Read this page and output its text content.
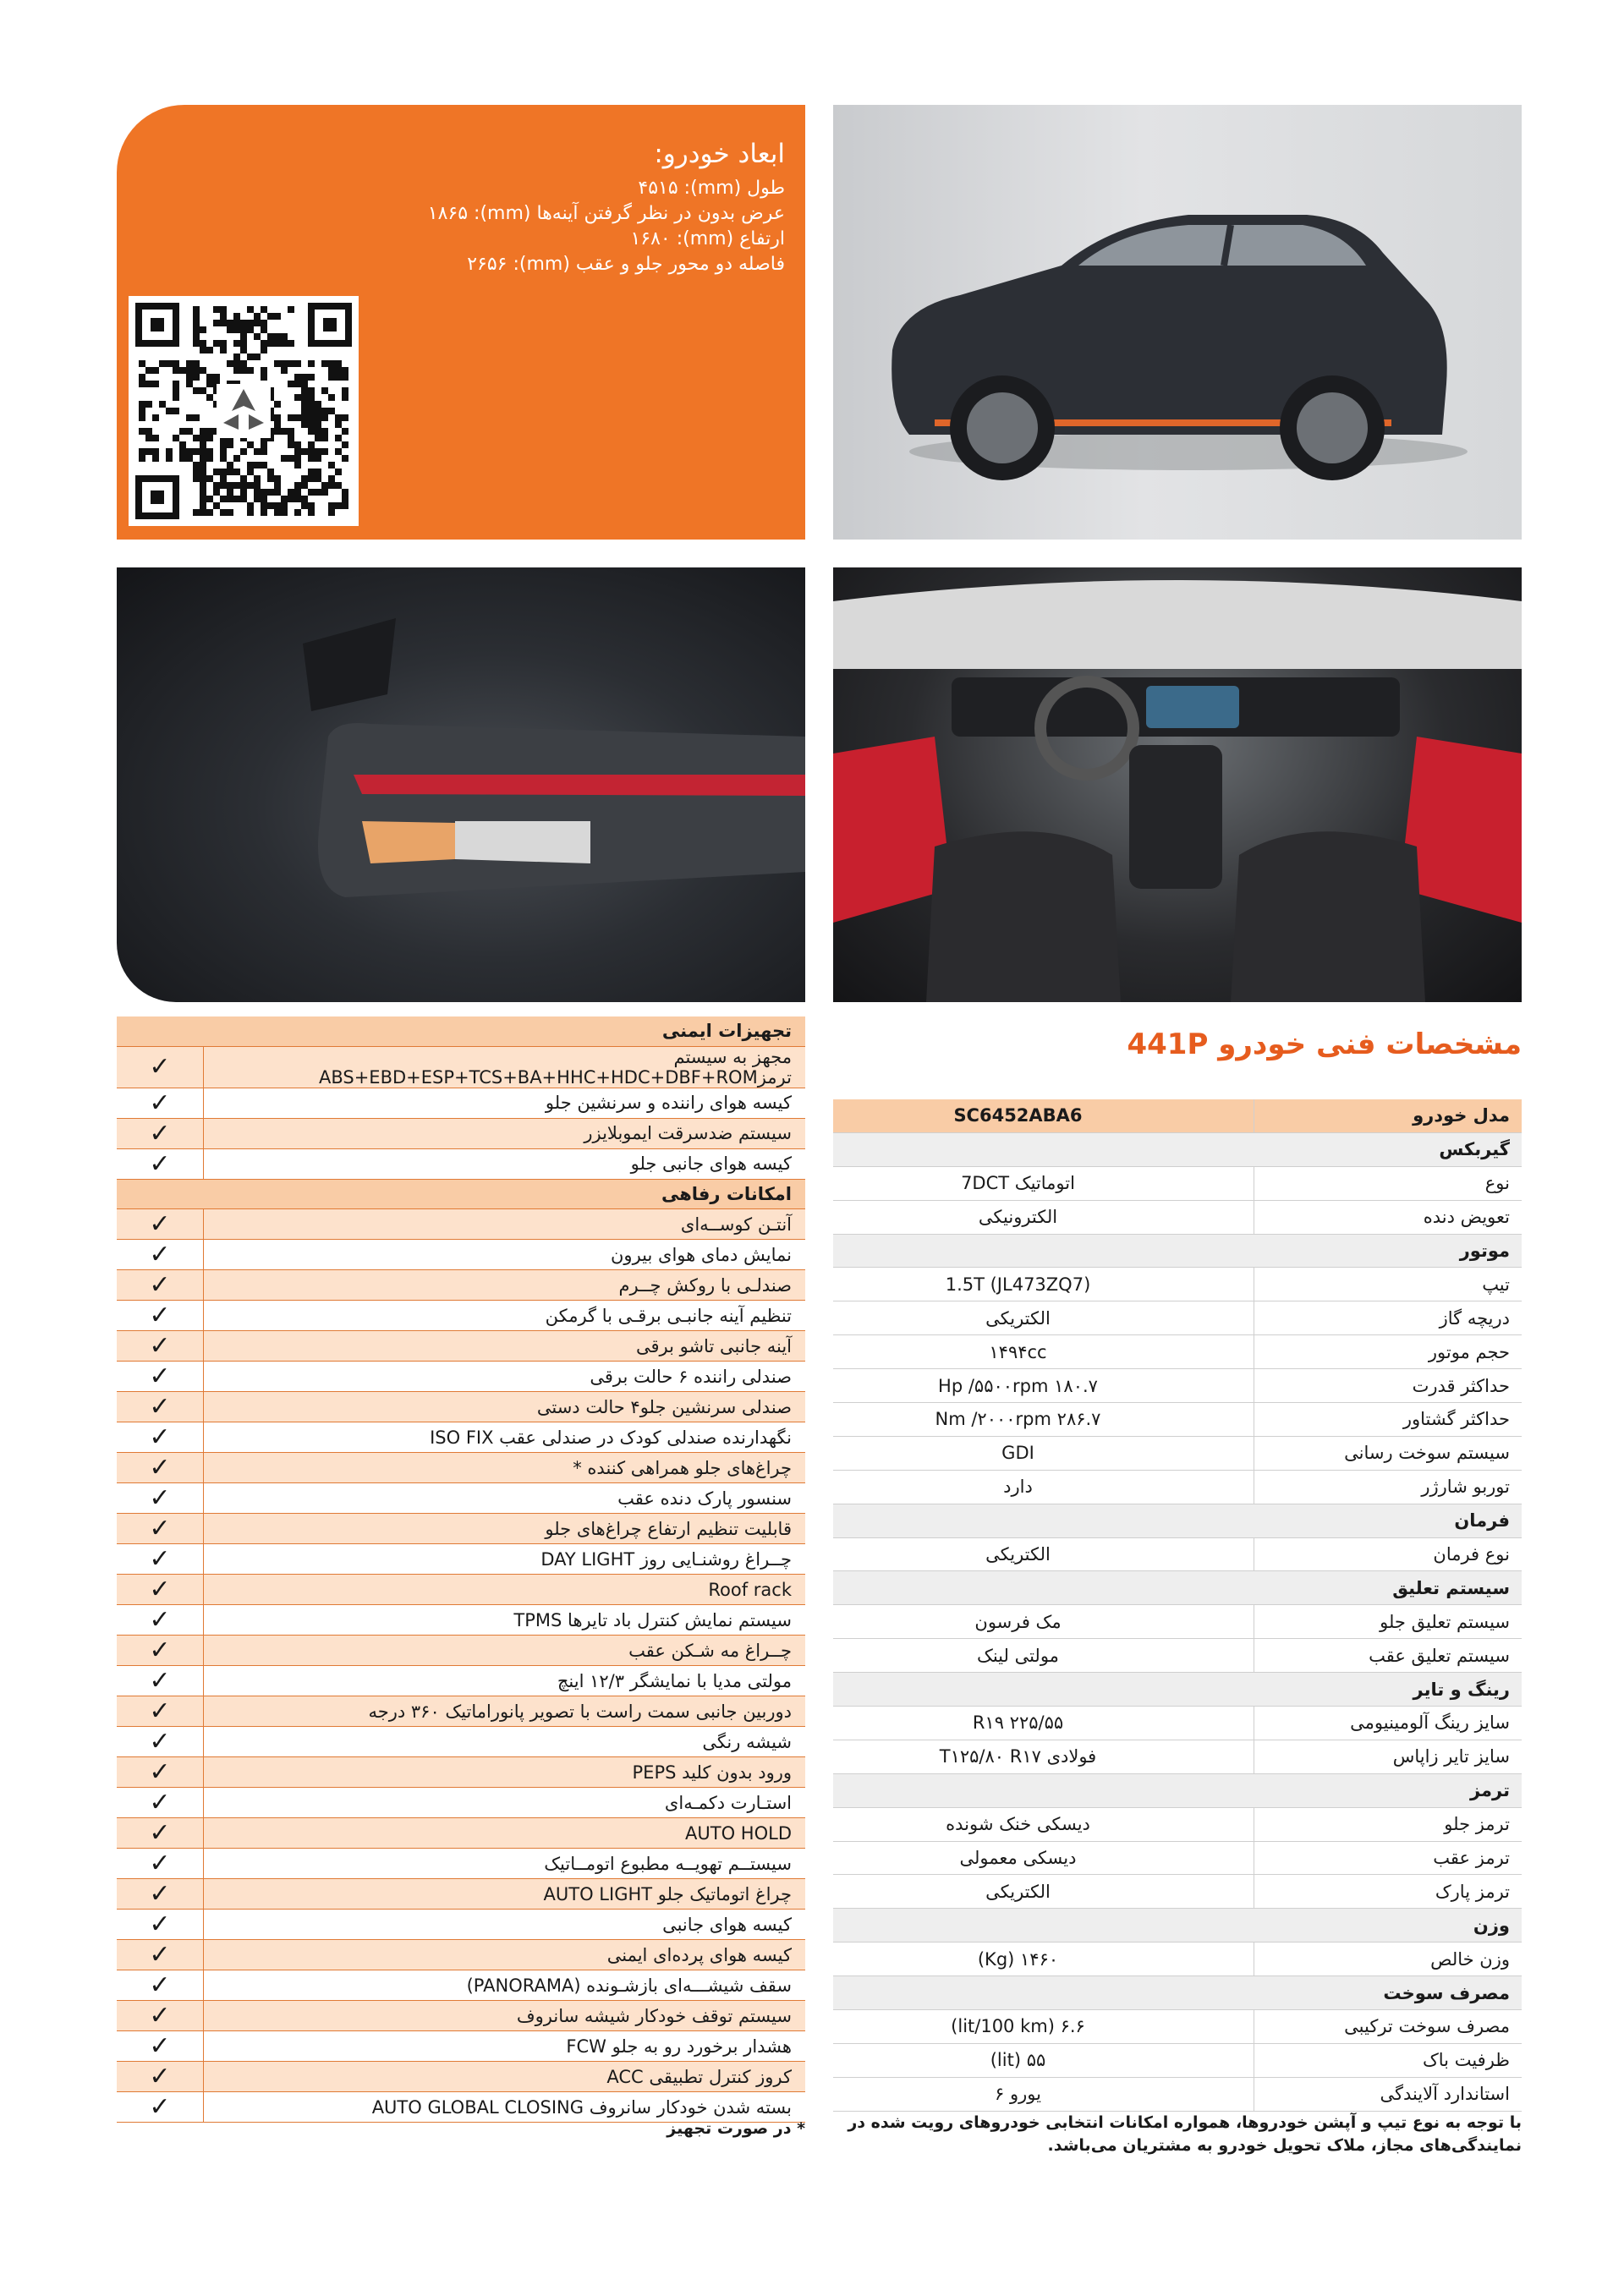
ابعاد خودرو:
طول (mm): ۴۵۱۵
عرض بدون در نظر گرفتن آینه‌ها (mm): ۱۸۶۵
ارتفاع (mm): ۱۶۸۰
فاصله دو محور جلو و عقب (mm): ۲۶۵۶
تجهیزات ایمنی	
مجهز به سیستم ترمزABS+EBD+ESP+TCS+BA+HHC+HDC+DBF+ROM	✓
کیسه هوای راننده و سرنشین جلو	✓
سیستم ضدسرقت ایموبلایزر	✓
کیسه هوای جانبی جلو	✓
امکانات رفاهی	
آنتـن کوســه‌ای	✓
نمایش دمای هوای بیرون	✓
صندلـی با روکش چــرم	✓
تنظیم آینه جانبـی برقـی با گرمکن	✓
آینه جانبی تاشو برقی	✓
صندلی راننده ۶ حالت برقی	✓
صندلی سرنشین جلو۴ حالت دستی	✓
نگهدارنده صندلی کودک در صندلی عقب ISO FIX	✓
چراغ‌های جلو همراهی کننده *	✓
سنسور پارک دنده عقب	✓
قابلیت تنظیم ارتفاع چراغ‌های جلو	✓
چــراغ روشنـایی روز DAY LIGHT	✓
Roof rack	✓
سیستم نمایش کنترل باد تایرها TPMS	✓
چــراغ مه شـکن عقب	✓
مولتی مدیا با نمایشگر ۱۲/۳ اینچ	✓
دوربین جانبی سمت راست با تصویر پانوراماتیک ۳۶۰ درجه	✓
شیشه رنگی	✓
ورود بدون کلید PEPS	✓
استـارت دکمـه‌ای	✓
AUTO HOLD	✓
سیستــم تهویــه مطبوع اتومــاتیک	✓
چراغ اتوماتیک جلو AUTO LIGHT	✓
کیسه هوای جانبی	✓
کیسه هوای پرده‌ای ایمنی	✓
سقف شیشـــه‌ای بازشـونده (PANORAMA)	✓
سیستم توقف خودکار شیشه سانروف	✓
هشدار برخورد رو به جلو FCW	✓
کروز کنترل تطبیقی ACC	✓
بسته شدن خودکار سانروف AUTO GLOBAL CLOSING	✓
* در صورت تجهیز
مشخصات فنی خودرو 441P
مدل خودرو	SC6452ABA6
گیربکس	
نوع	اتوماتیک 7DCT
تعویض دنده	الکترونیکی
موتور	
تیپ	1.5T (JL473ZQ7)
دریچه گاز	الکتریکی
حجم موتور	۱۴۹۴cc
حداکثر قدرت	۱۸۰.۷ Hp /۵۵۰۰rpm
حداکثر گشتاور	۲۸۶.۷ Nm /۲۰۰۰rpm
سیستم سوخت رسانی	GDI
توربو شارژر	دارد
فرمان	
نوع فرمان	الکتریکی
سیستم تعلیق	
سیستم تعلیق جلو	مک فرسون
سیستم تعلیق عقب	مولتی لینک
رینگ و تایر	
سایز رینگ آلومینیومی	۲۲۵/۵۵ R۱۹
سایز تایر زاپاس	فولادی T۱۲۵/۸۰ R۱۷
ترمز	
ترمز جلو	دیسکی خنک شونده
ترمز عقب	دیسکی معمولی
ترمز پارک	الکتریکی
وزن	
وزن خالص	۱۴۶۰ (Kg)
مصرف سوخت	
مصرف سوخت ترکیبی	۶.۶ (lit/100 km)
ظرفیت باک	۵۵ (lit)
استاندارد آلایندگی	یورو ۶
با توجه به نوع تیپ و آپشن خودروها، همواره امکانات انتخابی خودروهای رویت شده در نمایندگی‌های مجاز، ملاک تحویل خودرو به مشتریان می‌باشد.
